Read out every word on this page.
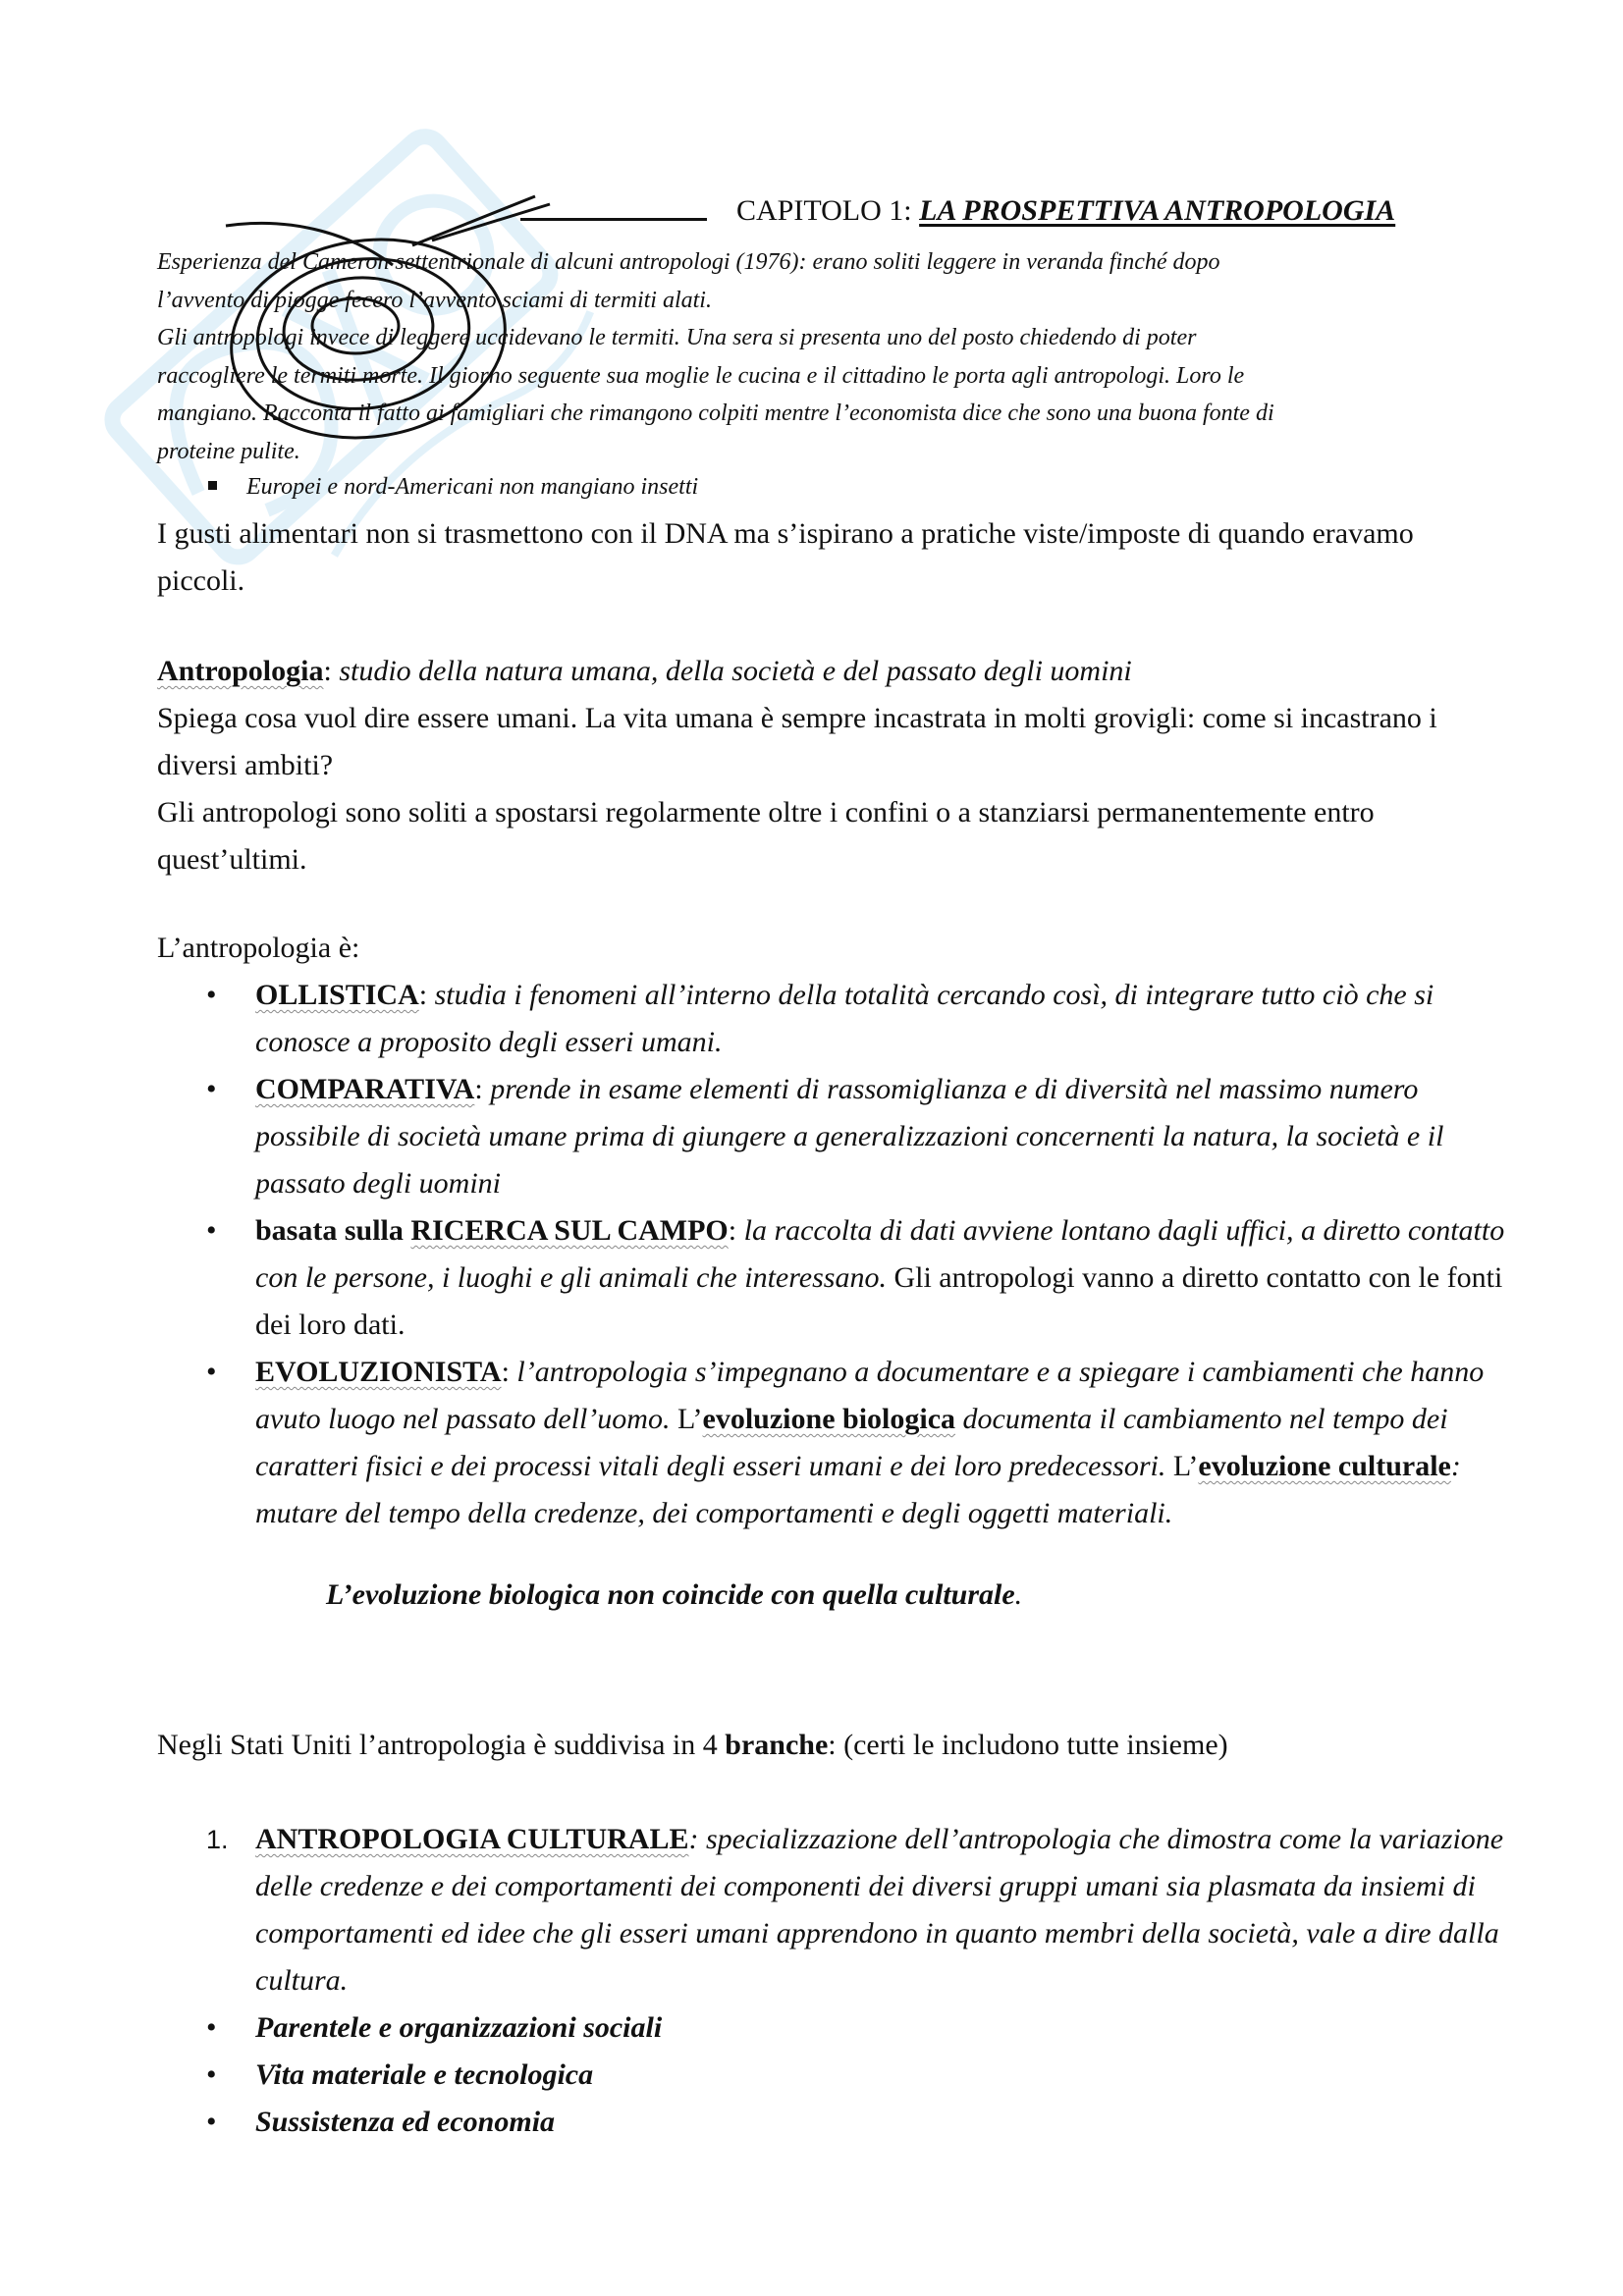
CAPITOLO 1: LA PROSPETTIVA ANTROPOLOGIA

Esperienza del Cameron settentrionale di alcuni antropologi (1976): erano soliti leggere in veranda finché dopo

l’avvento di piogge fecero l’avvento sciami di termiti alati.

Gli antropologi invece di leggere uccidevano le termiti. Una sera si presenta uno del posto chiedendo di poter

raccogliere le termiti morte. Il giorno seguente sua moglie le cucina e il cittadino le porta agli antropologi. Loro le

mangiano. Racconta il fatto ai famigliari che rimangono colpiti mentre l’economista dice che sono una buona fonte di

proteine pulite.

Europei e nord-Americani non mangiano insetti

I gusti alimentari non si trasmettono con il DNA ma s’ispirano a pratiche viste/imposte di quando eravamo piccoli.

Antropologia: studio della natura umana, della società e del passato degli uomini

Spiega cosa vuol dire essere umani. La vita umana è sempre incastrata in molti grovigli: come si incastrano i diversi ambiti?

Gli antropologi sono soliti a spostarsi regolarmente oltre i confini o a stanziarsi permanentemente entro quest’ultimi.

L’antropologia è:

• OLLISTICA: studia i fenomeni all’interno della totalità cercando così, di integrare tutto ciò che si conosce a proposito degli esseri umani.
• COMPARATIVA: prende in esame elementi di rassomiglianza e di diversità nel massimo numero possibile di società umane prima di giungere a generalizzazioni concernenti la natura, la società e il passato degli uomini
• basata sulla RICERCA SUL CAMPO: la raccolta di dati avviene lontano dagli uffici, a diretto contatto con le persone, i luoghi e gli animali che interessano. Gli antropologi vanno a diretto contatto con le fonti dei loro dati.
• EVOLUZIONISTA: l’antropologia s’impegnano a documentare e a spiegare i cambiamenti che hanno avuto luogo nel passato dell’uomo. L’evoluzione biologica documenta il cambiamento nel tempo dei caratteri fisici e dei processi vitali degli esseri umani e dei loro predecessori. L’evoluzione culturale: mutare del tempo della credenze, dei comportamenti e degli oggetti materiali.
L’evoluzione biologica non coincide con quella culturale.

Negli Stati Uniti l’antropologia è suddivisa in 4 branche: (certi le includono tutte insieme)

1. ANTROPOLOGIA CULTURALE: specializzazione dell’antropologia che dimostra come la variazione delle credenze e dei comportamenti dei componenti dei diversi gruppi umani sia plasmata da insiemi di comportamenti ed idee che gli esseri umani apprendono in quanto membri della società, vale a dire dalla cultura.
• Parentele e organizzazioni sociali
• Vita materiale e tecnologica
• Sussistenza ed economia
